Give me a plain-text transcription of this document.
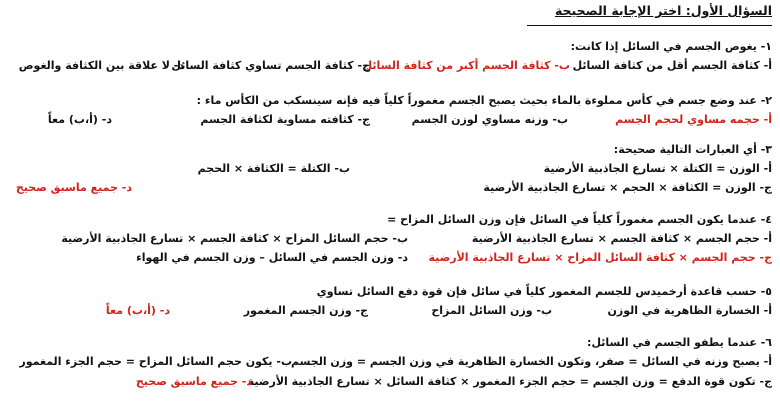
السؤال الأول: اختر الإجابة الصحيحة
١- يغوص الجسم في السائل إذا كانت:
أ- كثافة الجسم أقل من كثافة السائل
ب- كثافة الجسم أكبر من كثافة السائل
ج- كثافة الجسم تساوي كثافة السائل
د- لا علاقة بين الكثافة والغوص
٢- عند وضع جسم في كأس مملوءة بالماء بحيث يصبح الجسم مغموراً كلياً فيه فإنه سينسكب من الكأس ماء :
أ- حجمه مساوي لحجم الجسم
ب- وزنه مساوي لوزن الجسم
ج- كثافته مساوية لكثافة الجسم
د- (أ،ب) معاً
٣- أي العبارات التالية صحيحة:
أ- الوزن = الكتلة × تسارع الجاذبية الأرضية
ب- الكتلة = الكثافة × الحجم
ج- الوزن = الكثافة × الحجم × تسارع الجاذبية الأرضية
د- جميع ماسبق صحيح
٤- عندما يكون الجسم مغموراً كلياً في السائل فإن وزن السائل المزاح =
أ- حجم الجسم × كثافة الجسم × تسارع الجاذبية الأرضية
ب- حجم السائل المزاح × كثافة الجسم × تسارع الجاذبية الأرضية
ج- حجم الجسم × كثافة السائل المزاح × تسارع الجاذبية الأرضية
د- وزن الجسم في السائل – وزن الجسم في الهواء
٥- حسب قاعدة أرخميدس للجسم المغمور كلياً في سائل فإن قوة دفع السائل تساوي
أ- الخسارة الظاهرية في الوزن
ب- وزن السائل المزاح
ج- وزن الجسم المغمور
د- (أ،ب) معاً
٦- عندما يطفو الجسم في السائل:
أ- يصبح وزنه في السائل = صفر، وتكون الخسارة الظاهرية في وزن الجسم = وزن الجسم
ب- يكون حجم السائل المزاح = حجم الجزء المغمور
ج- تكون قوة الدفع = وزن الجسم = حجم الجزء المغمور × كثافة السائل × تسارع الجاذبية الأرضية
د- جميع ماسبق صحيح
